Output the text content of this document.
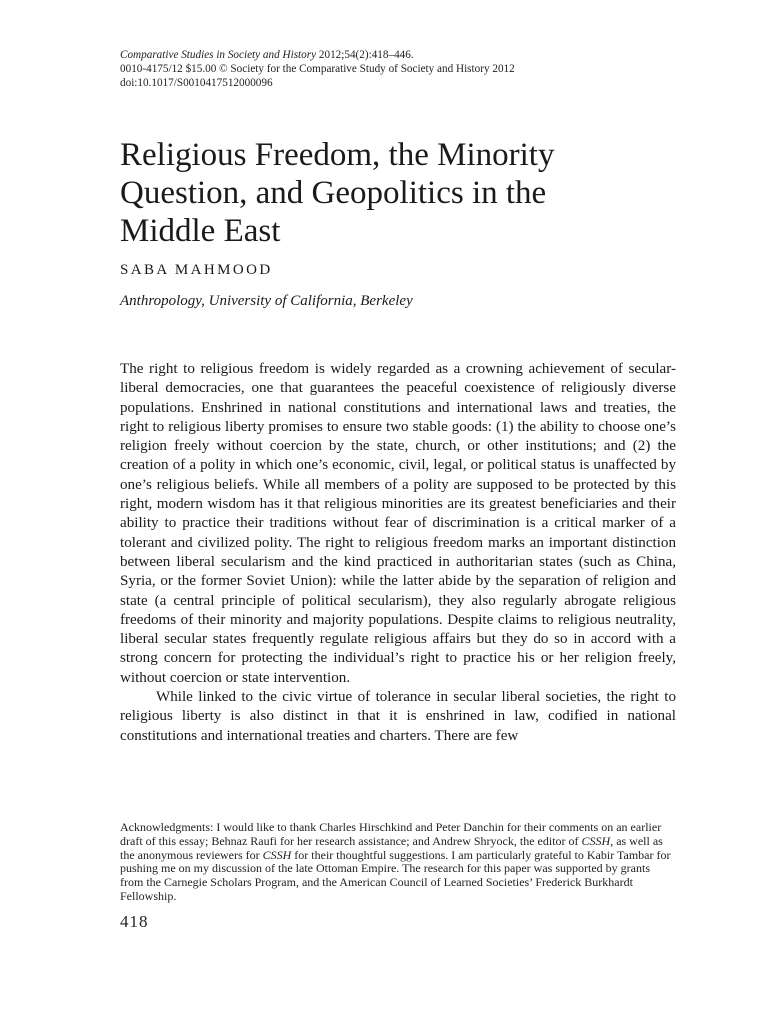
Comparative Studies in Society and History 2012;54(2):418–446.
0010-4175/12 $15.00 © Society for the Comparative Study of Society and History 2012
doi:10.1017/S0010417512000096
Religious Freedom, the Minority
Question, and Geopolitics in the
Middle East
SABA MAHMOOD
Anthropology, University of California, Berkeley

The right to religious freedom is widely regarded as a crowning achievement of secular-liberal democracies, one that guarantees the peaceful coexistence of religiously diverse populations. Enshrined in national constitutions and international laws and treaties, the right to religious liberty promises to ensure two stable goods: (1) the ability to choose one’s religion freely without coercion by the state, church, or other institutions; and (2) the creation of a polity in which one’s economic, civil, legal, or political status is unaffected by one’s religious beliefs. While all members of a polity are supposed to be protected by this right, modern wisdom has it that religious minorities are its greatest beneficiaries and their ability to practice their traditions without fear of discrimination is a critical marker of a tolerant and civilized polity. The right to religious freedom marks an important distinction between liberal secularism and the kind practiced in authoritarian states (such as China, Syria, or the former Soviet Union): while the latter abide by the separation of religion and state (a central principle of political secularism), they also regularly abrogate religious freedoms of their minority and majority populations. Despite claims to religious neutrality, liberal secular states frequently regulate religious affairs but they do so in accord with a strong concern for protecting the individual’s right to practice his or her religion freely, without coercion or state intervention.

While linked to the civic virtue of tolerance in secular liberal societies, the right to religious liberty is also distinct in that it is enshrined in law, codified in national constitutions and international treaties and charters. There are few

Acknowledgments: I would like to thank Charles Hirschkind and Peter Danchin for their comments on an earlier draft of this essay; Behnaz Raufi for her research assistance; and Andrew Shryock, the editor of CSSH, as well as the anonymous reviewers for CSSH for their thoughtful suggestions. I am particularly grateful to Kabir Tambar for pushing me on my discussion of the late Ottoman Empire. The research for this paper was supported by grants from the Carnegie Scholars Program, and the American Council of Learned Societies’ Frederick Burkhardt Fellowship.

418
